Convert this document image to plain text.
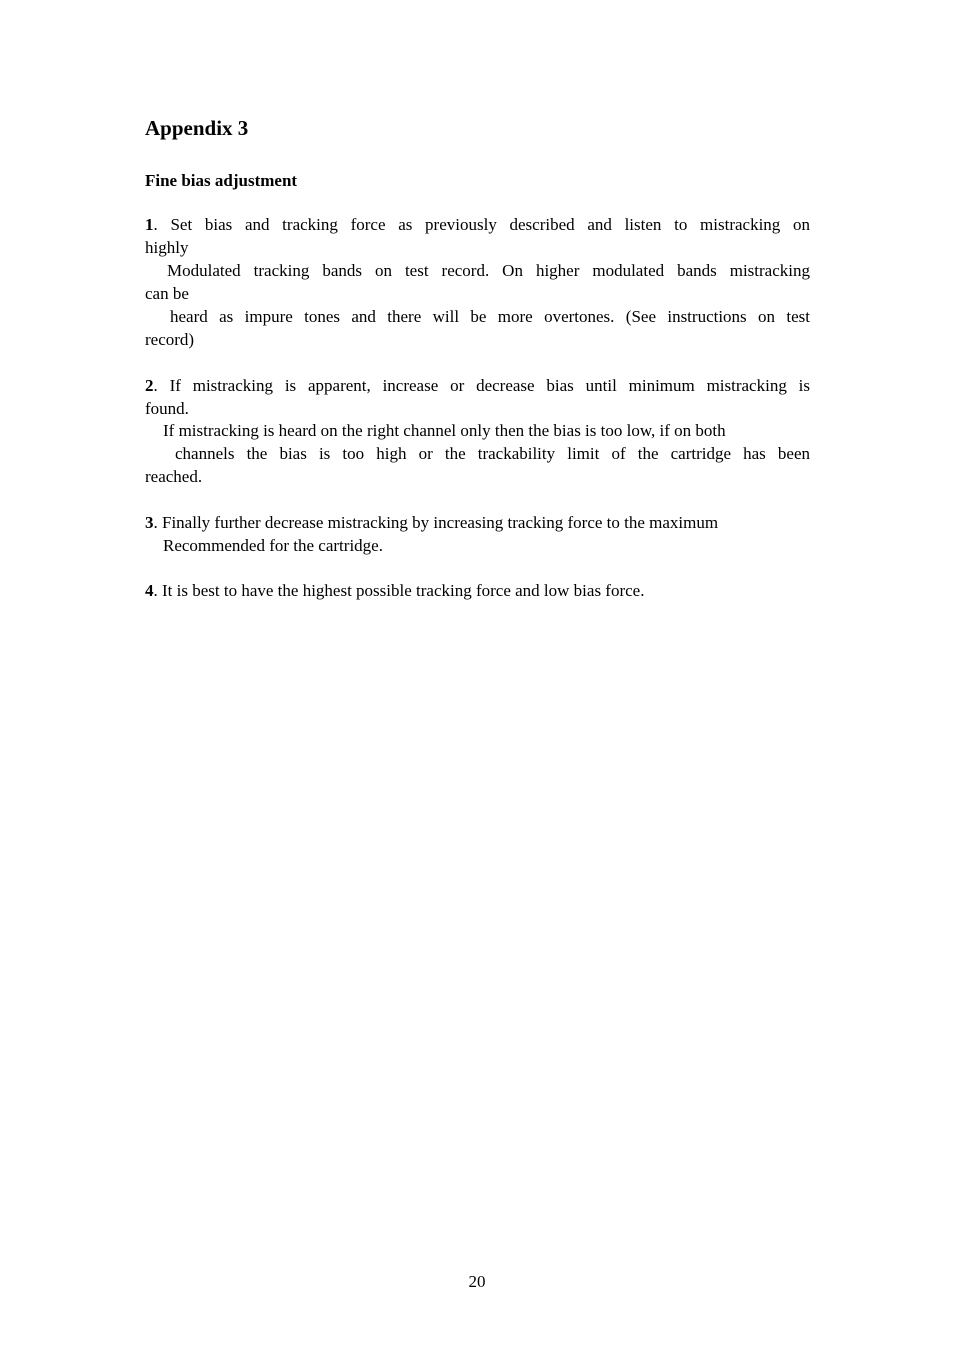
Appendix 3
Fine bias adjustment
1. Set bias and tracking force as previously described and listen to mistracking on
highly
Modulated tracking bands on test record. On higher modulated bands mistracking
can be
heard as impure tones and there will be more overtones. (See instructions on test
record)
2. If mistracking is apparent, increase or decrease bias until minimum mistracking is
found.
If mistracking is heard on the right channel only then the bias is too low, if on both
channels the bias is too high or the trackability limit of the cartridge has been
reached.
3. Finally further decrease mistracking by increasing tracking force to the maximum
Recommended for the cartridge.
4. It is best to have the highest possible tracking force and low bias force.
20
